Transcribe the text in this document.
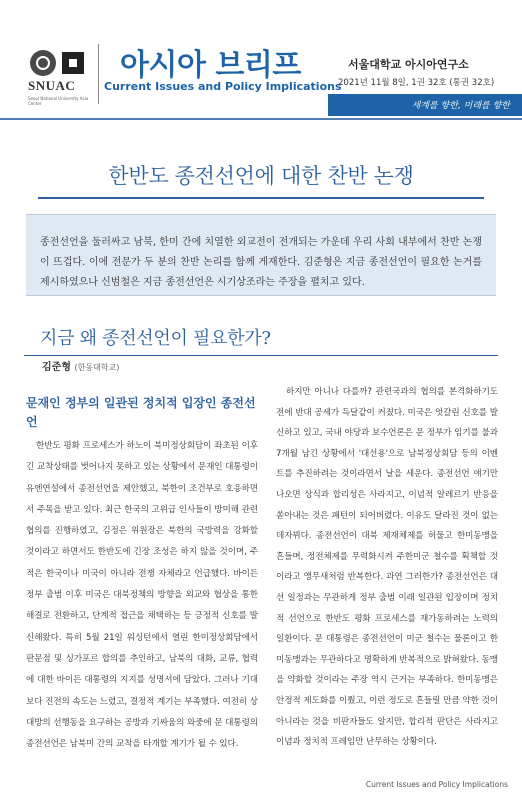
SNUAC
Seoul National University Asia Center
아시아 브리프
Current Issues and Policy Implications
서울대학교 아시아연구소
2021년 11월 8일, 1권 32호 (통권 32호)
세계를 향한, 미래를 향한
한반도 종전선언에 대한 찬반 논쟁
종전선언을 둘러싸고 남북, 한미 간에 치열한 외교전이 전개되는 가운데 우리 사회 내부에서 찬반 논쟁이 뜨겁다. 이에 전문가 두 분의 찬반 논리를 함께 게재한다. 김준형은 지금 종전선언이 필요한 논거를 제시하였으나 신범철은 지금 종전선언은 시기상조라는 주장을 펼치고 있다.
지금 왜 종전선언이 필요한가?
김준형 (한동대학교)
문재인 정부의 일관된 정치적 입장인 종전선언

한반도 평화 프로세스가 하노이 북미정상회담이 좌초된 이후 긴 교착상태를 벗어나지 못하고 있는 상황에서 문재인 대통령이 유엔연설에서 종전선언을 제안했고, 북한이 조건부로 호응하면서 주목을 받고 있다. 최근 한국의 고위급 인사들이 방미해 관련 협의를 진행하였고, 김정은 위원장은 북한의 국방력을 강화할 것이라고 하면서도 한반도에 긴장 조성은 하지 않을 것이며, 주적은 한국이나 미국이 아니라 전쟁 자체라고 언급했다. 바이든 정부 출범 이후 미국은 대북정책의 방향을 외교와 협상을 통한 해결로 전환하고, 단계적 접근을 채택하는 등 긍정적 신호를 발신해왔다. 특히 5월 21일 워싱턴에서 열린 한미정상회담에서 판문점 및 싱가포르 합의를 추인하고, 남북의 대화, 교류, 협력에 대한 바이든 대통령의 지지를 성명서에 담았다. 그러나 기대보다 진전의 속도는 느렸고, 결정적 계기는 부족했다. 여전히 상대방의 선행동을 요구하는 공방과 기싸움의 와중에 문 대통령의 종전선언은 남북미 간의 교착을 타개할 계기가 될 수 있다.

하지만 아니나 다를까? 관련국과의 협의를 본격화하기도 전에 반대 공세가 득달같이 커졌다. 미국은 엇갈린 신호를 발신하고 있고, 국내 야당과 보수언론은 문 정부가 임기를 불과 7개월 남긴 상황에서 '대선용'으로 남북정상회담 등의 이벤트를 추진하려는 것이라면서 날을 세운다. 종전선언 얘기만 나오면 상식과 합리성은 사라지고, 이념적 알레르기 반응을 쏟아내는 것은 패턴이 되어버렸다. 이유도 달라진 것이 없는 데자뷔다. 종전선언이 대북 제재체제를 허물고 한미동맹을 흔들며, 정전체제를 무력화시켜 주한미군 철수를 획책할 것이라고 앵무새처럼 반복한다. 과연 그러한가? 종전선언은 대선 일정과는 무관하게 정부 출범 이래 일관된 입장이며 정치적 선언으로 한반도 평화 프로세스를 재가동하려는 노력의 일환이다. 문 대통령은 종전선언이 미군 철수는 물론이고 한미동맹과는 무관하다고 명확하게 반복적으로 밝혀왔다. 동맹을 약화할 것이라는 주장 역시 근거는 부족하다. 한미동맹은 안정적 제도화를 이뤘고, 이런 정도로 흔들릴 만큼 약한 것이 아니라는 것을 비판자들도 알지만, 합리적 판단은 사라지고 이념과 정치적 프레임만 난무하는 상황이다.

Current Issues and Policy Implications
